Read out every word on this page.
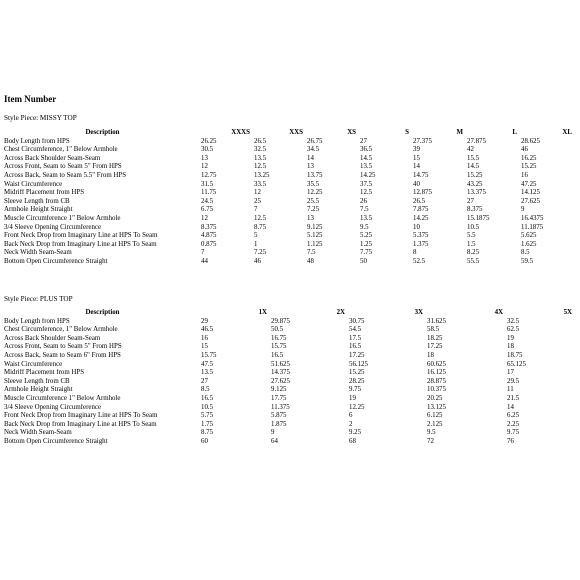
Item Number
Style Piece: MISSY TOP
Description	XXXS	XXS	XS	S	M	L	XL
Body Length from HPS	26.25	26.5	26.75	27	27.375	27.875	28.625
Chest Circumference, 1" Below Armhole	30.5	32.5	34.5	36.5	39	42	46
Across Back Shoulder Seam-Seam	13	13.5	14	14.5	15	15.5	16.25
Across Front, Seam to Seam 5" From HPS	12	12.5	13	13.5	14	14.5	15.25
Across Back, Seam to Seam 5.5" From HPS	12.75	13.25	13.75	14.25	14.75	15.25	16
Waist Circumference	31.5	33.5	35.5	37.5	40	43.25	47.25
Midriff Placement from HPS	11.75	12	12.25	12.5	12.875	13.375	14.125
Sleeve Length from CB	24.5	25	25.5	26	26.5	27	27.625
Armhole Height Straight	6.75	7	7.25	7.5	7.875	8.375	9
Muscle Circumference 1" Below Armhole	12	12.5	13	13.5	14.25	15.1875	16.4375
3/4 Sleeve Opening Circumference	8.375	8.75	9.125	9.5	10	10.5	11.1875
Front Neck Drop from Imaginary Line at HPS To Seam	4.875	5	5.125	5.25	5.375	5.5	5.625
Back Neck Drop from Imaginary Line at HPS To Seam	0.875	1	1.125	1.25	1.375	1.5	1.625
Neck Width Seam-Seam	7	7.25	7.5	7.75	8	8.25	8.5
Bottom Open Circumference Straight	44	46	48	50	52.5	55.5	59.5
Style Piece: PLUS TOP
Description	1X	2X	3X	4X	5X
Body Length from HPS	29	29.875	30.75	31.625	32.5
Chest Circumference, 1" Below Armhole	46.5	50.5	54.5	58.5	62.5
Across Back Shoulder Seam-Seam	16	16.75	17.5	18.25	19
Across Front, Seam to Seam 5" From HPS	15	15.75	16.5	17.25	18
Across Back, Seam to Seam 6" From HPS	15.75	16.5	17.25	18	18.75
Waist Circumference	47.5	51.625	56.125	60.625	65.125
Midriff Placement from HPS	13.5	14.375	15.25	16.125	17
Sleeve Length from CB	27	27.625	28.25	28.875	29.5
Armhole Height Straight	8.5	9.125	9.75	10.375	11
Muscle Circumference 1" Below Armhole	16.5	17.75	19	20.25	21.5
3/4 Sleeve Opening Circumference	10.5	11.375	12.25	13.125	14
Front Neck Drop from Imaginary Line at HPS To Seam	5.75	5.875	6	6.125	6.25
Back Neck Drop from Imaginary Line at HPS To Seam	1.75	1.875	2	2.125	2.25
Neck Width Seam-Seam	8.75	9	9.25	9.5	9.75
Bottom Open Circumference Straight	60	64	68	72	76
